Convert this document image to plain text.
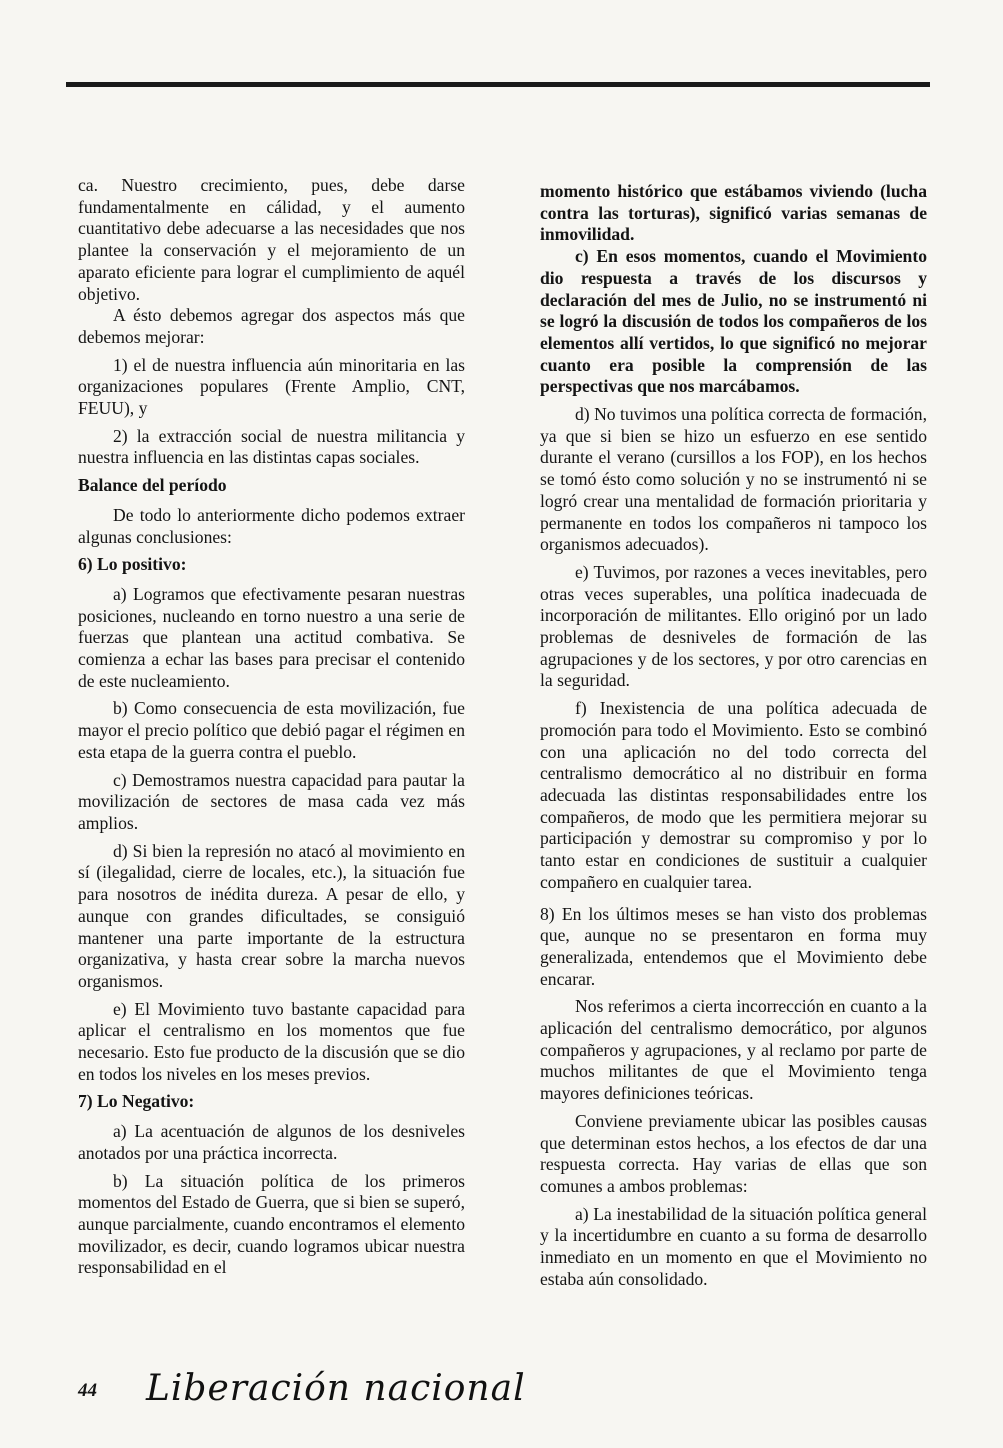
ca. Nuestro crecimiento, pues, debe darse fundamentalmente en cálidad, y el aumento cuantitativo debe adecuarse a las necesidades que nos plantee la conservación y el mejoramiento de un aparato eficiente para lograr el cumplimiento de aquél objetivo.

A ésto debemos agregar dos aspectos más que debemos mejorar:

1) el de nuestra influencia aún minoritaria en las organizaciones populares (Frente Amplio, CNT, FEUU), y

2) la extracción social de nuestra militancia y nuestra influencia en las distintas capas sociales.

Balance del período

De todo lo anteriormente dicho podemos extraer algunas conclusiones:

6) Lo positivo:

a) Logramos que efectivamente pesaran nuestras posiciones, nucleando en torno nuestro a una serie de fuerzas que plantean una actitud combativa. Se comienza a echar las bases para precisar el contenido de este nucleamiento.

b) Como consecuencia de esta movilización, fue mayor el precio político que debió pagar el régimen en esta etapa de la guerra contra el pueblo.

c) Demostramos nuestra capacidad para pautar la movilización de sectores de masa cada vez más amplios.

d) Si bien la represión no atacó al movimiento en sí (ilegalidad, cierre de locales, etc.), la situación fue para nosotros de inédita dureza. A pesar de ello, y aunque con grandes dificultades, se consiguió mantener una parte importante de la estructura organizativa, y hasta crear sobre la marcha nuevos organismos.

e) El Movimiento tuvo bastante capacidad para aplicar el centralismo en los momentos que fue necesario. Esto fue producto de la discusión que se dio en todos los niveles en los meses previos.

7) Lo Negativo:

a) La acentuación de algunos de los desniveles anotados por una práctica incorrecta.

b) La situación política de los primeros momentos del Estado de Guerra, que si bien se superó, aunque parcialmente, cuando encontramos el elemento movilizador, es decir, cuando logramos ubicar nuestra responsabilidad en el

momento histórico que estábamos viviendo (lucha contra las torturas), significó varias semanas de inmovilidad.

c) En esos momentos, cuando el Movimiento dio respuesta a través de los discursos y declaración del mes de Julio, no se instrumentó ni se logró la discusión de todos los compañeros de los elementos allí vertidos, lo que significó no mejorar cuanto era posible la comprensión de las perspectivas que nos marcábamos.

d) No tuvimos una política correcta de formación, ya que si bien se hizo un esfuerzo en ese sentido durante el verano (cursillos a los FOP), en los hechos se tomó ésto como solución y no se instrumentó ni se logró crear una mentalidad de formación prioritaria y permanente en todos los compañeros ni tampoco los organismos adecuados).

e) Tuvimos, por razones a veces inevitables, pero otras veces superables, una política inadecuada de incorporación de militantes. Ello originó por un lado problemas de desniveles de formación de las agrupaciones y de los sectores, y por otro carencias en la seguridad.

f) Inexistencia de una política adecuada de promoción para todo el Movimiento. Esto se combinó con una aplicación no del todo correcta del centralismo democrático al no distribuir en forma adecuada las distintas responsabilidades entre los compañeros, de modo que les permitiera mejorar su participación y demostrar su compromiso y por lo tanto estar en condiciones de sustituir a cualquier compañero en cualquier tarea.

8) En los últimos meses se han visto dos problemas que, aunque no se presentaron en forma muy generalizada, entendemos que el Movimiento debe encarar.

Nos referimos a cierta incorrección en cuanto a la aplicación del centralismo democrático, por algunos compañeros y agrupaciones, y al reclamo por parte de muchos militantes de que el Movimiento tenga mayores definiciones teóricas.

Conviene previamente ubicar las posibles causas que determinan estos hechos, a los efectos de dar una respuesta correcta. Hay varias de ellas que son comunes a ambos problemas:

a) La inestabilidad de la situación política general y la incertidumbre en cuanto a su forma de desarrollo inmediato en un momento en que el Movimiento no estaba aún consolidado.

44 Liberación nacional
